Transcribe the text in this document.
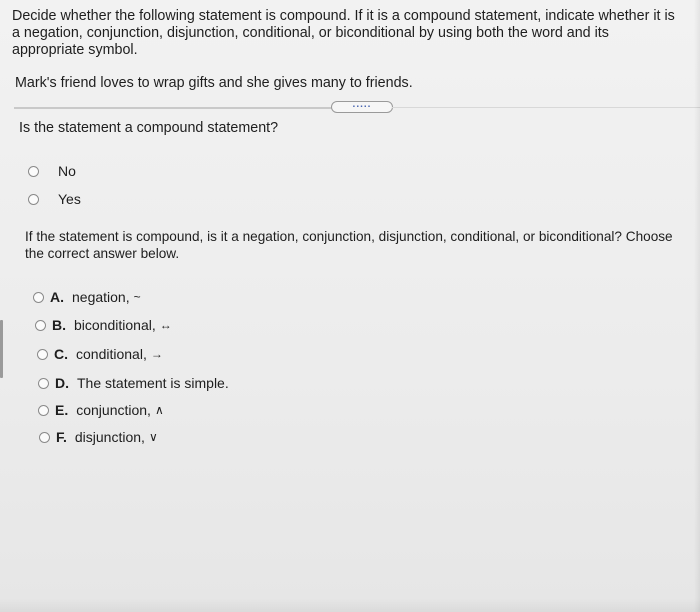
Decide whether the following statement is compound. If it is a compound statement, indicate whether it is a negation, conjunction, disjunction, conditional, or biconditional by using both the word and its appropriate symbol.
Mark's friend loves to wrap gifts and she gives many to friends.
.....
Is the statement a compound statement?
No
Yes
If the statement is compound, is it a negation, conjunction, disjunction, conditional, or biconditional? Choose the correct answer below.
A. negation, ~
B. biconditional, ↔
C. conditional, →
D. The statement is simple.
E. conjunction, ∧
F. disjunction, ∨
